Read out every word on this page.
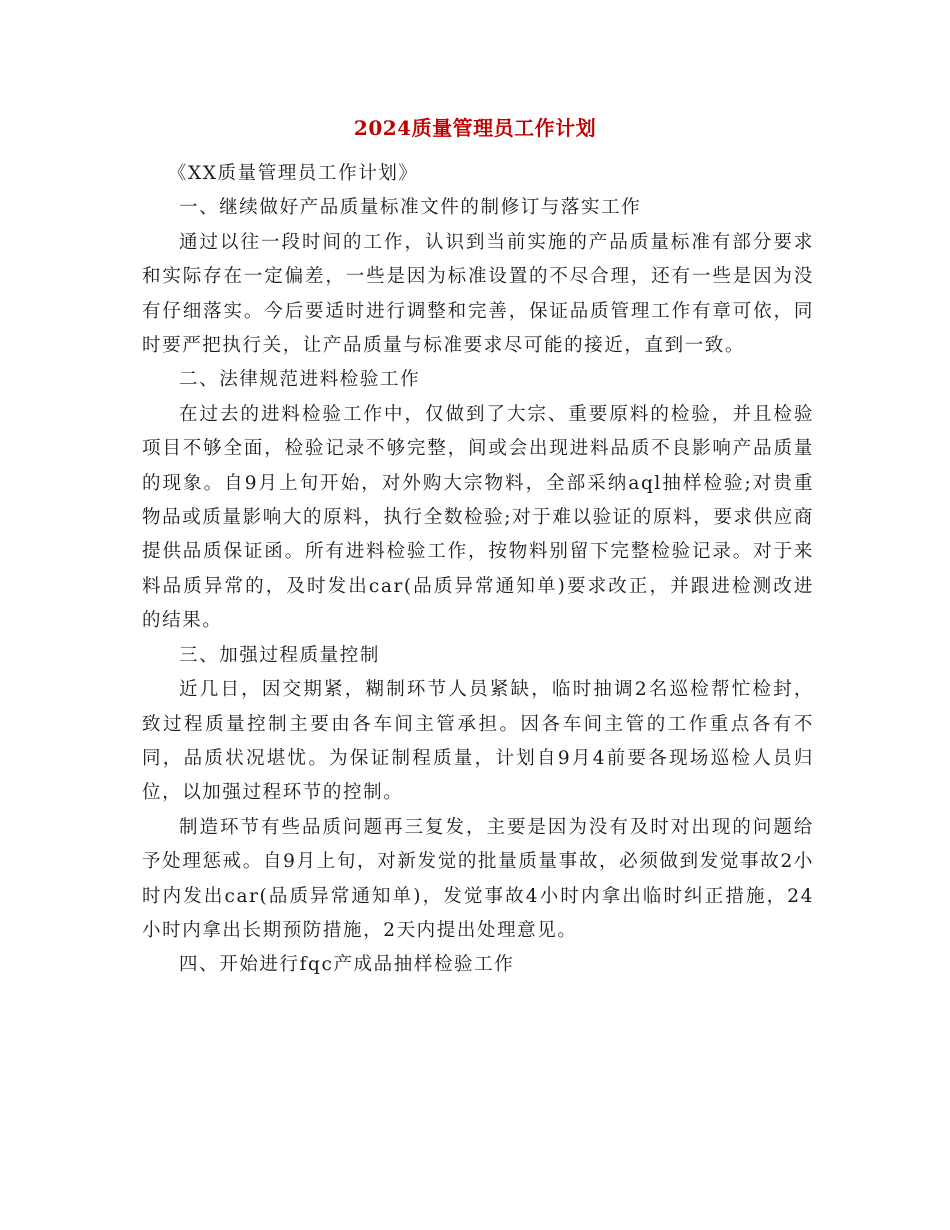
2024质量管理员工作计划

《XX质量管理员工作计划》

一、继续做好产品质量标准文件的制修订与落实工作

通过以往一段时间的工作，认识到当前实施的产品质量标准有部分要求和实际存在一定偏差，一些是因为标准设置的不尽合理，还有一些是因为没有仔细落实。今后要适时进行调整和完善，保证品质管理工作有章可依，同时要严把执行关，让产品质量与标准要求尽可能的接近，直到一致。

二、法律规范进料检验工作

在过去的进料检验工作中，仅做到了大宗、重要原料的检验，并且检验项目不够全面，检验记录不够完整，间或会出现进料品质不良影响产品质量的现象。自9月上旬开始，对外购大宗物料，全部采纳aql抽样检验;对贵重物品或质量影响大的原料，执行全数检验;对于难以验证的原料，要求供应商提供品质保证函。所有进料检验工作，按物料别留下完整检验记录。对于来料品质异常的，及时发出car(品质异常通知单)要求改正，并跟进检测改进的结果。

三、加强过程质量控制

近几日，因交期紧，糊制环节人员紧缺，临时抽调2名巡检帮忙检封，致过程质量控制主要由各车间主管承担。因各车间主管的工作重点各有不同，品质状况堪忧。为保证制程质量，计划自9月4前要各现场巡检人员归位，以加强过程环节的控制。

制造环节有些品质问题再三复发，主要是因为没有及时对出现的问题给予处理惩戒。自9月上旬，对新发觉的批量质量事故，必须做到发觉事故2小时内发出car(品质异常通知单)，发觉事故4小时内拿出临时纠正措施，24小时内拿出长期预防措施，2天内提出处理意见。

四、开始进行fqc产成品抽样检验工作
